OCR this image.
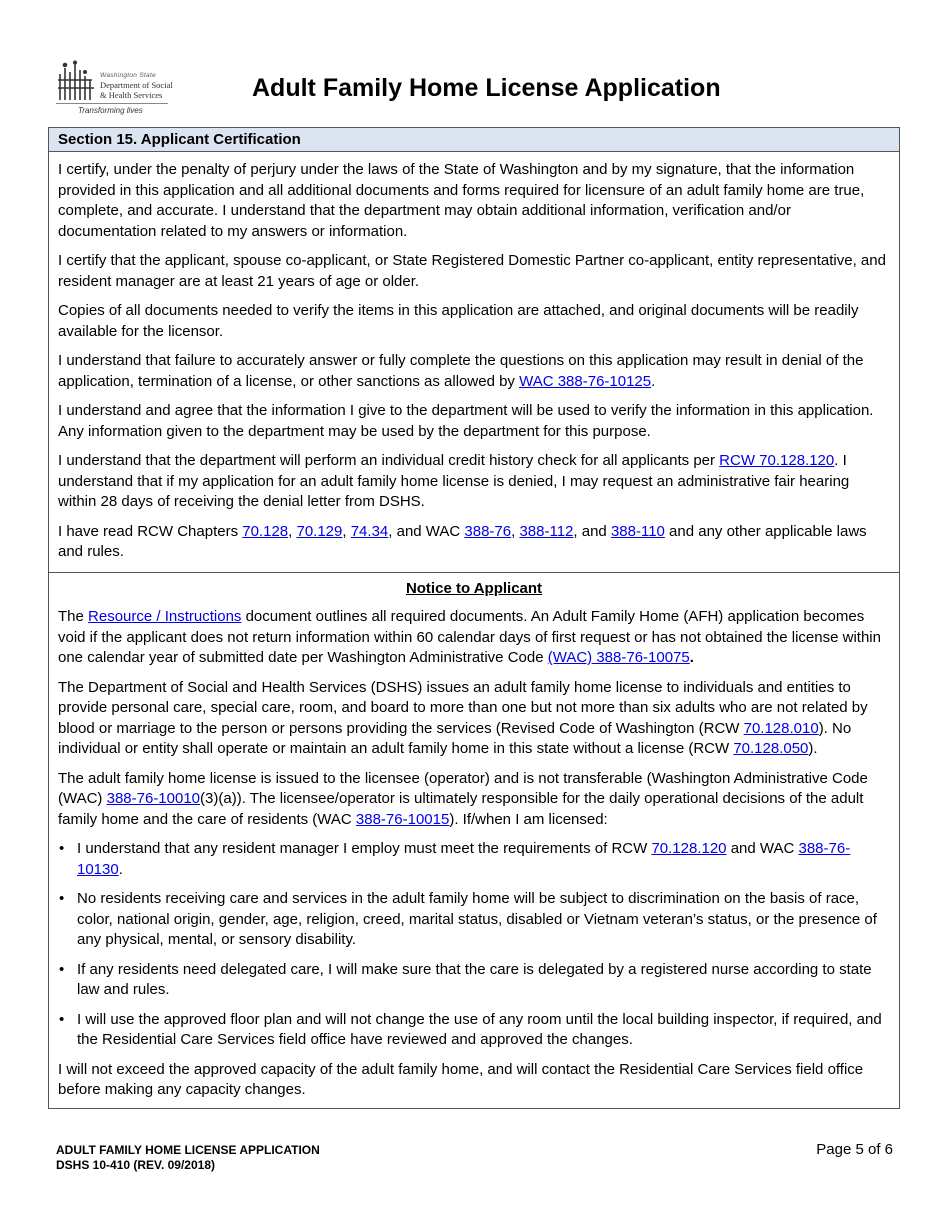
Washington State
Department of Social
& Health Services
Transforming lives
Adult Family Home License Application
Section 15. Applicant Certification

I certify, under the penalty of perjury under the laws of the State of Washington and by my signature, that the information provided in this application and all additional documents and forms required for licensure of an adult family home are true, complete, and accurate. I understand that the department may obtain additional information, verification and/or documentation related to my answers or information.

I certify that the applicant, spouse co-applicant, or State Registered Domestic Partner co-applicant, entity representative, and resident manager are at least 21 years of age or older.

Copies of all documents needed to verify the items in this application are attached, and original documents will be readily available for the licensor.

I understand that failure to accurately answer or fully complete the questions on this application may result in denial of the application, termination of a license, or other sanctions as allowed by WAC 388-76-10125.

I understand and agree that the information I give to the department will be used to verify the information in this application. Any information given to the department may be used by the department for this purpose.

I understand that the department will perform an individual credit history check for all applicants per RCW 70.128.120. I understand that if my application for an adult family home license is denied, I may request an administrative fair hearing within 28 days of receiving the denial letter from DSHS.

I have read RCW Chapters 70.128, 70.129, 74.34, and WAC 388-76, 388-112, and 388-110 and any other applicable laws and rules.

Notice to Applicant

The Resource / Instructions document outlines all required documents. An Adult Family Home (AFH) application becomes void if the applicant does not return information within 60 calendar days of first request or has not obtained the license within one calendar year of submitted date per Washington Administrative Code (WAC) 388-76-10075.

The Department of Social and Health Services (DSHS) issues an adult family home license to individuals and entities to provide personal care, special care, room, and board to more than one but not more than six adults who are not related by blood or marriage to the person or persons providing the services (Revised Code of Washington (RCW 70.128.010). No individual or entity shall operate or maintain an adult family home in this state without a license (RCW 70.128.050).

The adult family home license is issued to the licensee (operator) and is not transferable (Washington Administrative Code (WAC) 388-76-10010(3)(a)). The licensee/operator is ultimately responsible for the daily operational decisions of the adult family home and the care of residents (WAC 388-76-10015). If/when I am licensed:

• I understand that any resident manager I employ must meet the requirements of RCW 70.128.120 and WAC 388-76-10130.
• No residents receiving care and services in the adult family home will be subject to discrimination on the basis of race, color, national origin, gender, age, religion, creed, marital status, disabled or Vietnam veteran’s status, or the presence of any physical, mental, or sensory disability.
• If any residents need delegated care, I will make sure that the care is delegated by a registered nurse according to state law and rules.
• I will use the approved floor plan and will not change the use of any room until the local building inspector, if required, and the Residential Care Services field office have reviewed and approved the changes.

I will not exceed the approved capacity of the adult family home, and will contact the Residential Care Services field office before making any capacity changes.

ADULT FAMILY HOME LICENSE APPLICATION
DSHS 10-410 (REV. 09/2018)
Page 5 of 6
